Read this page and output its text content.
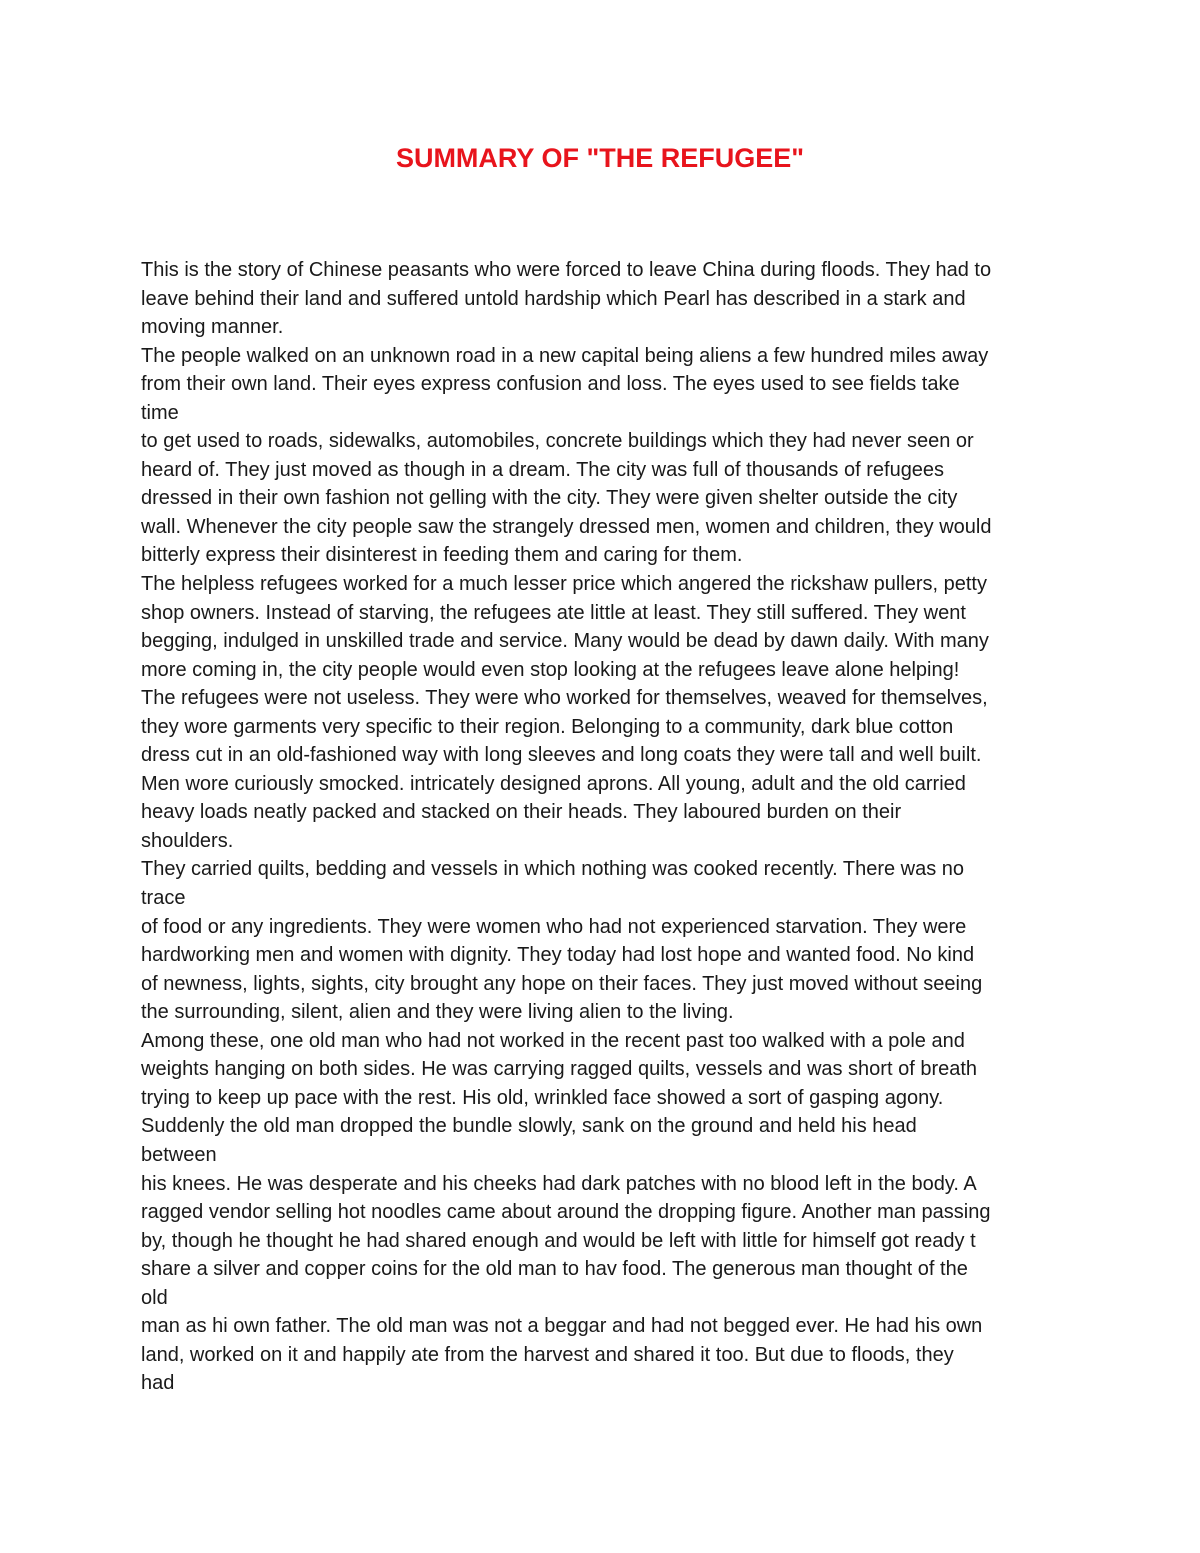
SUMMARY OF "THE REFUGEE"
This is the story of Chinese peasants who were forced to leave China during floods. They had to
leave behind their land and suffered untold hardship which Pearl has described in a stark and
moving manner.
The people walked on an unknown road in a new capital being aliens a few hundred miles away
from their own land. Their eyes express confusion and loss. The eyes used to see fields take
time
to get used to roads, sidewalks, automobiles, concrete buildings which they had never seen or
heard of. They just moved as though in a dream. The city was full of thousands of refugees
dressed in their own fashion not gelling with the city. They were given shelter outside the city
wall. Whenever the city people saw the strangely dressed men, women and children, they would
bitterly express their disinterest in feeding them and caring for them.
The helpless refugees worked for a much lesser price which angered the rickshaw pullers, petty
shop owners. Instead of starving, the refugees ate little at least. They still suffered. They went
begging, indulged in unskilled trade and service. Many would be dead by dawn daily. With many
more coming in, the city people would even stop looking at the refugees leave alone helping!
The refugees were not useless. They were who worked for themselves, weaved for themselves,
they wore garments very specific to their region. Belonging to a community, dark blue cotton
dress cut in an old-fashioned way with long sleeves and long coats they were tall and well built.
Men wore curiously smocked. intricately designed aprons. All young, adult and the old carried
heavy loads neatly packed and stacked on their heads. They laboured burden on their
shoulders.
They carried quilts, bedding and vessels in which nothing was cooked recently. There was no
trace
of food or any ingredients. They were women who had not experienced starvation. They were
hardworking men and women with dignity. They today had lost hope and wanted food. No kind
of newness, lights, sights, city brought any hope on their faces. They just moved without seeing
the surrounding, silent, alien and they were living alien to the living.
Among these, one old man who had not worked in the recent past too walked with a pole and
weights hanging on both sides. He was carrying ragged quilts, vessels and was short of breath
trying to keep up pace with the rest. His old, wrinkled face showed a sort of gasping agony.
Suddenly the old man dropped the bundle slowly, sank on the ground and held his head
between
his knees. He was desperate and his cheeks had dark patches with no blood left in the body. A
ragged vendor selling hot noodles came about around the dropping figure. Another man passing
by, though he thought he had shared enough and would be left with little for himself got ready t
share a silver and copper coins for the old man to hav food. The generous man thought of the
old
man as hi own father. The old man was not a beggar and had not begged ever. He had his own
land, worked on it and happily ate from the harvest and shared it too. But due to floods, they
had
